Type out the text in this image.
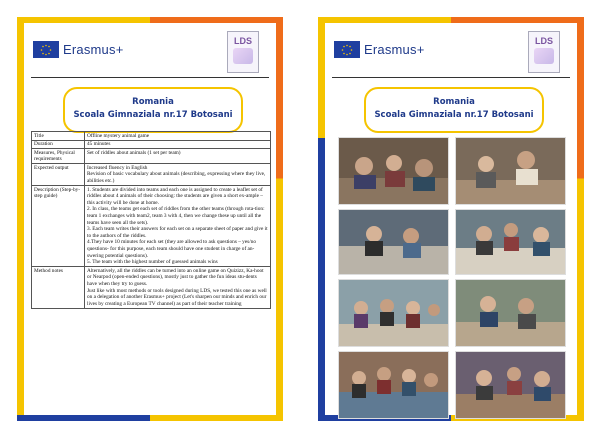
Erasmus+
LDS
Romania
Scoala Gimnaziala nr.17 Botosani
Title	Offline mystery animal game
Duration	45 minutes
Measures, Physical requirements	Set of riddles about animals (1 set per team)
Expected output	Increased fluency in English
Revision of basic vocabulary about animals (describing, expressing where they live, abilities etc.)
Description (Step-by-step guide)	1. Students are divided into teams and each one is assigned to create a leaflet set of riddles about 4 animals of their choosing: the students are given a short ex-ample – this activity will be done at home.

2. In class, the teams get each set of riddles from the other teams (through rota-tion: team 1 exchanges with team2, team 3 with 4, then we change these up until all the teams have seen all the sets).

3. Each team writes their answers for each set on a separate sheet of paper and give it to the authors of the riddles.

4.They have 10 minutes for each set (they are allowed to ask questions – yes/no questions- for this purpose, each team should have one student in charge of an-swering potential questions).

5. The team with the highest number of guessed animals wins

Method notes	Alternatively, all the riddles can be turned into an online game on Quizizz, Ka-hoot or Nearpod (open-ended questions), mostly just to gather the fun ideas stu-dents have when they try to guess.
Just like with most methods or tools designed during LDS, we tested this one as well on a delegation of another Erasmus+ project (Let's sharpen our minds and enrich our lives by creating a European TV channel) as part of their teacher training
Erasmus+
LDS
Romania
Scoala Gimnaziala nr.17 Botosani
